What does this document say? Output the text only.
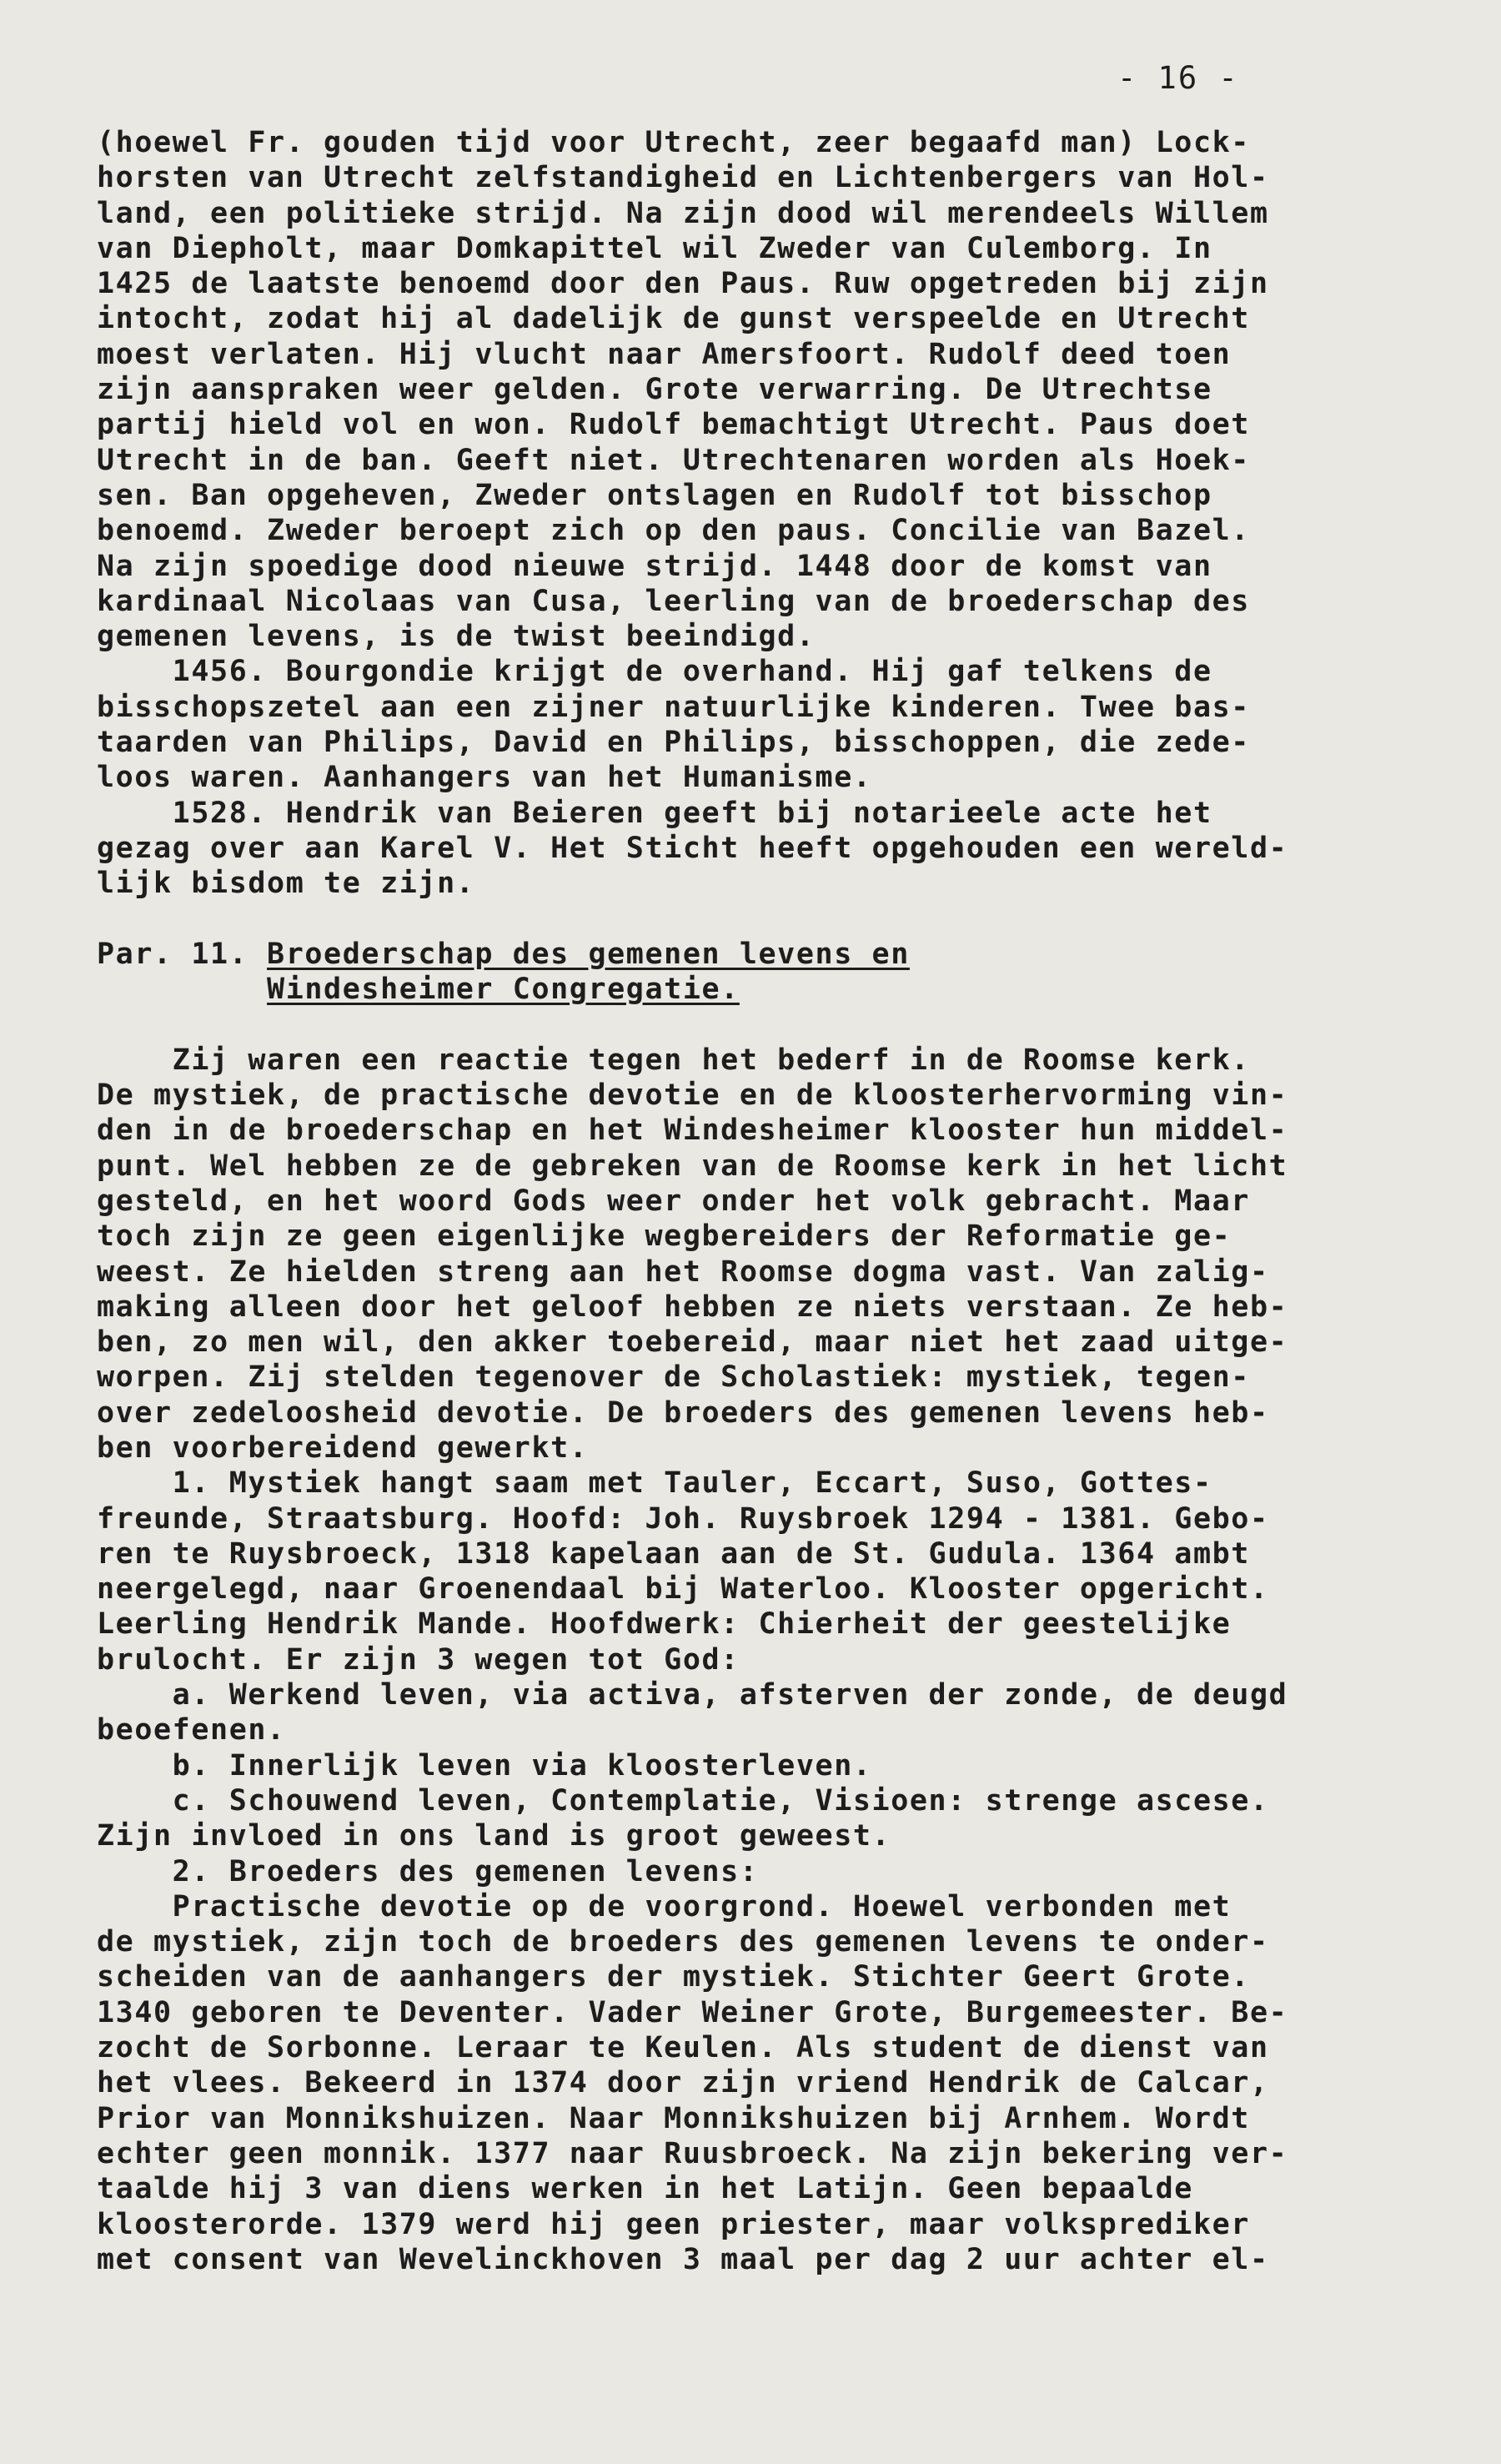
- 16 -
(hoewel Fr. gouden tijd voor Utrecht, zeer begaafd man) Lock-
horsten van Utrecht zelfstandigheid en Lichtenbergers van Hol-
land, een politieke strijd. Na zijn dood wil merendeels Willem
van Diepholt, maar Domkapittel wil Zweder van Culemborg. In
1425 de laatste benoemd door den Paus. Ruw opgetreden bij zijn
intocht, zodat hij al dadelijk de gunst verspeelde en Utrecht
moest verlaten. Hij vlucht naar Amersfoort. Rudolf deed toen
zijn aanspraken weer gelden. Grote verwarring. De Utrechtse
partij hield vol en won. Rudolf bemachtigt Utrecht. Paus doet
Utrecht in de ban. Geeft niet. Utrechtenaren worden als Hoek-
sen. Ban opgeheven, Zweder ontslagen en Rudolf tot bisschop
benoemd. Zweder beroept zich op den paus. Concilie van Bazel.
Na zijn spoedige dood nieuwe strijd. 1448 door de komst van
kardinaal Nicolaas van Cusa, leerling van de broederschap des
gemenen levens, is de twist beeindigd.
1456. Bourgondie krijgt de overhand. Hij gaf telkens de
bisschopszetel aan een zijner natuurlijke kinderen. Twee bas-
taarden van Philips, David en Philips, bisschoppen, die zede-
loos waren. Aanhangers van het Humanisme.
1528. Hendrik van Beieren geeft bij notarieele acte het
gezag over aan Karel V. Het Sticht heeft opgehouden een wereld-
lijk bisdom te zijn.
Par. 11. Broederschap des gemenen levens en
Windesheimer Congregatie.
Zij waren een reactie tegen het bederf in de Roomse kerk.
De mystiek, de practische devotie en de kloosterhervorming vin-
den in de broederschap en het Windesheimer klooster hun middel-
punt. Wel hebben ze de gebreken van de Roomse kerk in het licht
gesteld, en het woord Gods weer onder het volk gebracht. Maar
toch zijn ze geen eigenlijke wegbereiders der Reformatie ge-
weest. Ze hielden streng aan het Roomse dogma vast. Van zalig-
making alleen door het geloof hebben ze niets verstaan. Ze heb-
ben, zo men wil, den akker toebereid, maar niet het zaad uitge-
worpen. Zij stelden tegenover de Scholastiek: mystiek, tegen-
over zedeloosheid devotie. De broeders des gemenen levens heb-
ben voorbereidend gewerkt.
1. Mystiek hangt saam met Tauler, Eccart, Suso, Gottes-
freunde, Straatsburg. Hoofd: Joh. Ruysbroek 1294 - 1381. Gebo-
ren te Ruysbroeck, 1318 kapelaan aan de St. Gudula. 1364 ambt
neergelegd, naar Groenendaal bij Waterloo. Klooster opgericht.
Leerling Hendrik Mande. Hoofdwerk: Chierheit der geestelijke
brulocht. Er zijn 3 wegen tot God:
a. Werkend leven, via activa, afsterven der zonde, de deugd
beoefenen.
b. Innerlijk leven via kloosterleven.
c. Schouwend leven, Contemplatie, Visioen: strenge ascese.
Zijn invloed in ons land is groot geweest.
2. Broeders des gemenen levens:
Practische devotie op de voorgrond. Hoewel verbonden met
de mystiek, zijn toch de broeders des gemenen levens te onder-
scheiden van de aanhangers der mystiek. Stichter Geert Grote.
1340 geboren te Deventer. Vader Weiner Grote, Burgemeester. Be-
zocht de Sorbonne. Leraar te Keulen. Als student de dienst van
het vlees. Bekeerd in 1374 door zijn vriend Hendrik de Calcar,
Prior van Monnikshuizen. Naar Monnikshuizen bij Arnhem. Wordt
echter geen monnik. 1377 naar Ruusbroeck. Na zijn bekering ver-
taalde hij 3 van diens werken in het Latijn. Geen bepaalde
kloosterorde. 1379 werd hij geen priester, maar volksprediker
met consent van Wevelinckhoven 3 maal per dag 2 uur achter el-
